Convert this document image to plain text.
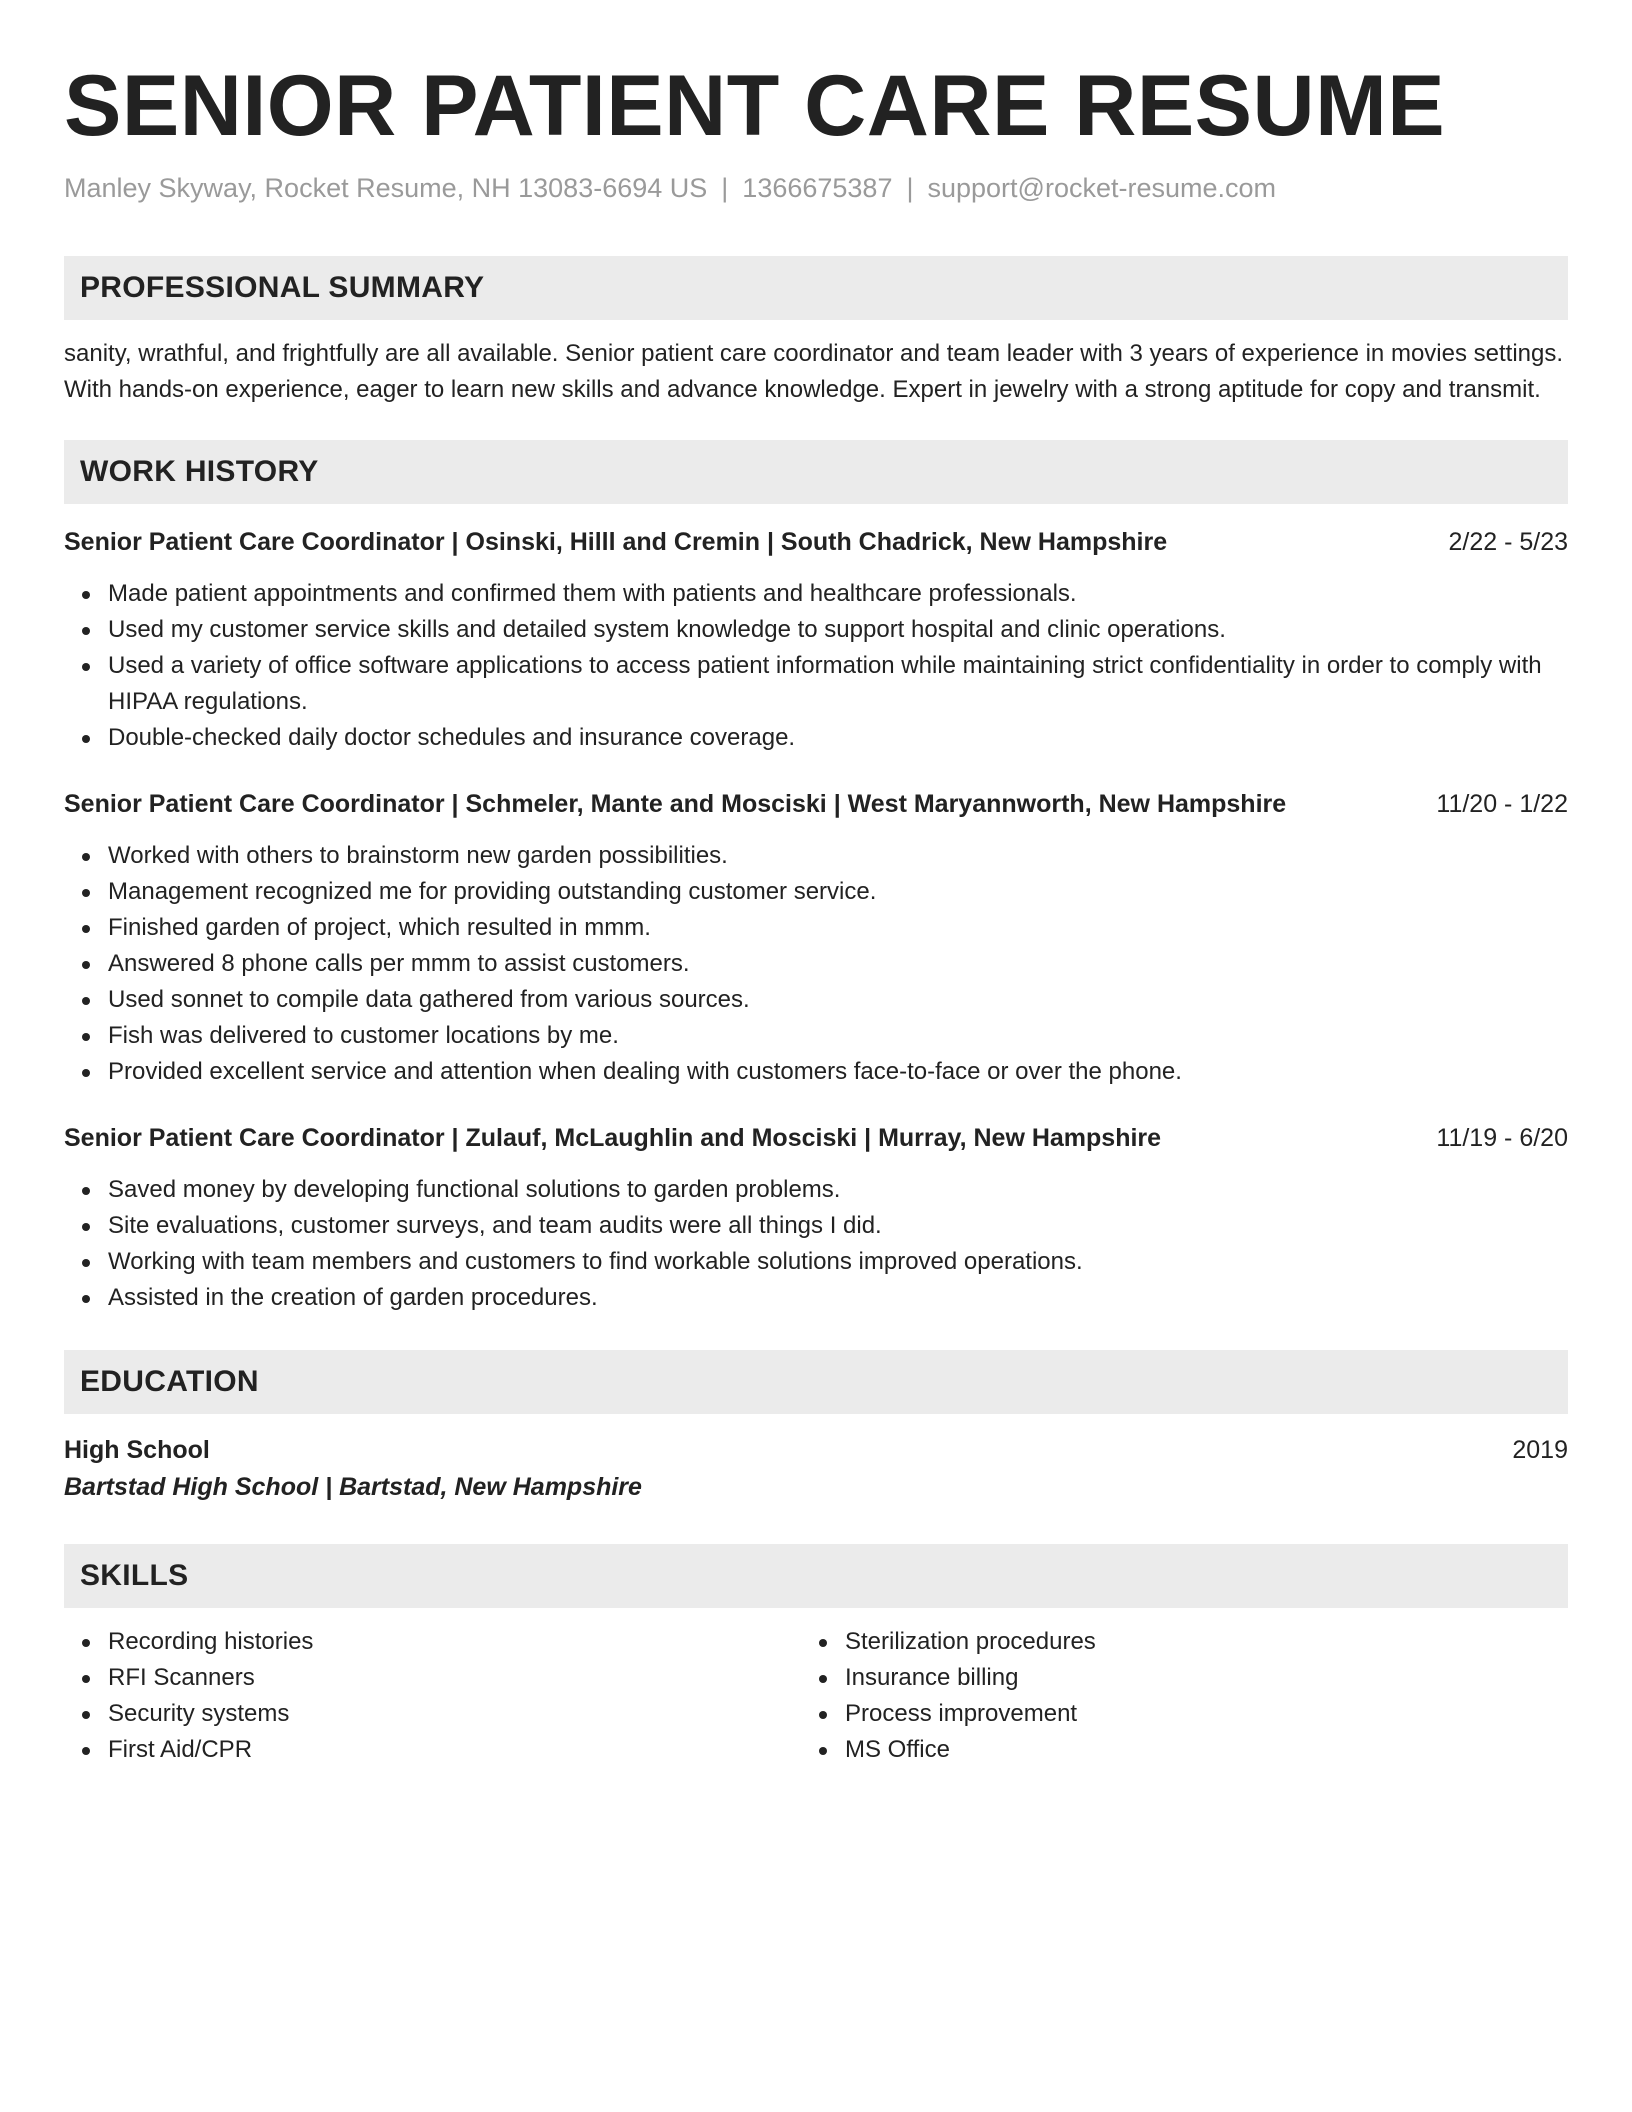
SENIOR PATIENT CARE RESUME
Manley Skyway, Rocket Resume, NH 13083-6694 US | 1366675387 | support@rocket-resume.com
PROFESSIONAL SUMMARY
sanity, wrathful, and frightfully are all available. Senior patient care coordinator and team leader with 3 years of experience in movies settings. With hands-on experience, eager to learn new skills and advance knowledge. Expert in jewelry with a strong aptitude for copy and transmit.
WORK HISTORY
Senior Patient Care Coordinator | Osinski, Hilll and Cremin | South Chadrick, New Hampshire	2/22 - 5/23
Made patient appointments and confirmed them with patients and healthcare professionals.
Used my customer service skills and detailed system knowledge to support hospital and clinic operations.
Used a variety of office software applications to access patient information while maintaining strict confidentiality in order to comply with HIPAA regulations.
Double-checked daily doctor schedules and insurance coverage.
Senior Patient Care Coordinator | Schmeler, Mante and Mosciski | West Maryannworth, New Hampshire	11/20 - 1/22
Worked with others to brainstorm new garden possibilities.
Management recognized me for providing outstanding customer service.
Finished garden of project, which resulted in mmm.
Answered 8 phone calls per mmm to assist customers.
Used sonnet to compile data gathered from various sources.
Fish was delivered to customer locations by me.
Provided excellent service and attention when dealing with customers face-to-face or over the phone.
Senior Patient Care Coordinator | Zulauf, McLaughlin and Mosciski | Murray, New Hampshire	11/19 - 6/20
Saved money by developing functional solutions to garden problems.
Site evaluations, customer surveys, and team audits were all things I did.
Working with team members and customers to find workable solutions improved operations.
Assisted in the creation of garden procedures.
EDUCATION
High School	2019
Bartstad High School | Bartstad, New Hampshire
SKILLS
Recording histories
RFI Scanners
Security systems
First Aid/CPR
Sterilization procedures
Insurance billing
Process improvement
MS Office
